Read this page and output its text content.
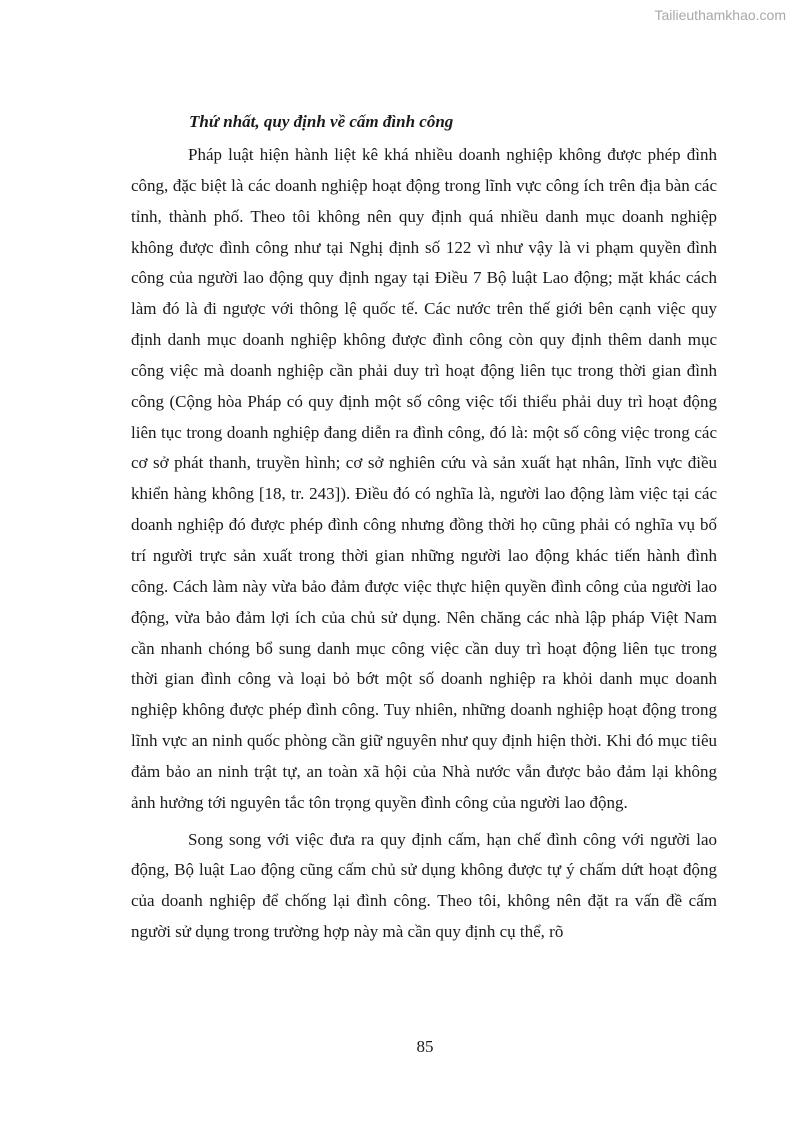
Tailieuthamkhao.com

Thứ nhất, quy định về cấm đình công

Pháp luật hiện hành liệt kê khá nhiều doanh nghiệp không được phép đình công, đặc biệt là các doanh nghiệp hoạt động trong lĩnh vực công ích trên địa bàn các tỉnh, thành phố. Theo tôi không nên quy định quá nhiều danh mục doanh nghiệp không được đình công như tại Nghị định số 122 vì như vậy là vi phạm quyền đình công của người lao động quy định ngay tại Điều 7 Bộ luật Lao động; mặt khác cách làm đó là đi ngược với thông lệ quốc tế. Các nước trên thế giới bên cạnh việc quy định danh mục doanh nghiệp không được đình công còn quy định thêm danh mục công việc mà doanh nghiệp cần phải duy trì hoạt động liên tục trong thời gian đình công (Cộng hòa Pháp có quy định một số công việc tối thiểu phải duy trì hoạt động liên tục trong doanh nghiệp đang diễn ra đình công, đó là: một số công việc trong các cơ sở phát thanh, truyền hình; cơ sở nghiên cứu và sản xuất hạt nhân, lĩnh vực điều khiển hàng không [18, tr. 243]). Điều đó có nghĩa là, người lao động làm việc tại các doanh nghiệp đó được phép đình công nhưng đồng thời họ cũng phải có nghĩa vụ bố trí người trực sản xuất trong thời gian những người lao động khác tiến hành đình công. Cách làm này vừa bảo đảm được việc thực hiện quyền đình công của người lao động, vừa bảo đảm lợi ích của chủ sử dụng. Nên chăng các nhà lập pháp Việt Nam cần nhanh chóng bổ sung danh mục công việc cần duy trì hoạt động liên tục trong thời gian đình công và loại bỏ bớt một số doanh nghiệp ra khỏi danh mục doanh nghiệp không được phép đình công. Tuy nhiên, những doanh nghiệp hoạt động trong lĩnh vực an ninh quốc phòng cần giữ nguyên như quy định hiện thời. Khi đó mục tiêu đảm bảo an ninh trật tự, an toàn xã hội của Nhà nước vẫn được bảo đảm lại không ảnh hưởng tới nguyên tắc tôn trọng quyền đình công của người lao động.

Song song với việc đưa ra quy định cấm, hạn chế đình công với người lao động, Bộ luật Lao động cũng cấm chủ sử dụng không được tự ý chấm dứt hoạt động của doanh nghiệp để chống lại đình công. Theo tôi, không nên đặt ra vấn đề cấm người sử dụng trong trường hợp này mà cần quy định cụ thể, rõ

85
